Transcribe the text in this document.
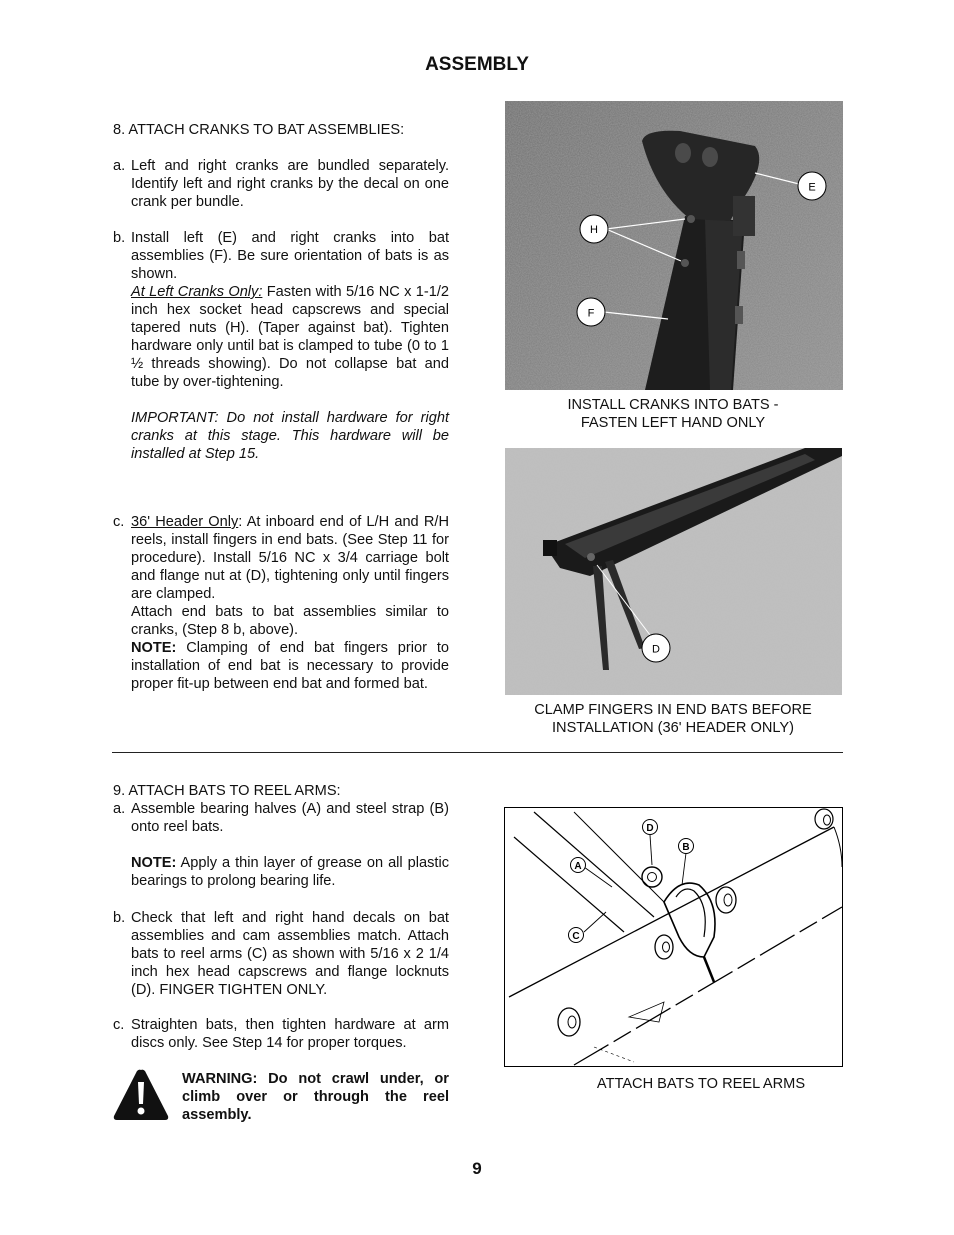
ASSEMBLY
8. ATTACH CRANKS TO BAT ASSEMBLIES:
a. Left and right cranks are bundled separately. Identify left and right cranks by the decal on one crank per bundle.

b. Install left (E) and right cranks into bat assemblies (F). Be sure orientation of bats is as shown.

At Left Cranks Only: Fasten with 5/16 NC x 1-1/2 inch hex socket head capscrews and special tapered nuts (H). (Taper against bat). Tighten hardware only until bat is clamped to tube (0 to 1 ½ threads showing). Do not collapse bat and tube by over-tightening.

IMPORTANT: Do not install hardware for right cranks at this stage. This hardware will be installed at Step 15.

c. 36' Header Only: At inboard end of L/H and R/H reels, install fingers in end bats. (See Step 11 for procedure). Install 5/16 NC x 3/4 carriage bolt and flange nut at (D), tightening only until fingers are clamped.

Attach end bats to bat assemblies similar to cranks, (Step 8 b, above).

NOTE: Clamping of end bat fingers prior to installation of end bat is necessary to provide proper fit-up between end bat and formed bat.

E
H
F
INSTALL CRANKS INTO BATS -
FASTEN LEFT HAND ONLY
D
CLAMP FINGERS IN END BATS BEFORE
INSTALLATION (36' HEADER ONLY)
9. ATTACH BATS TO REEL ARMS:
a. Assemble bearing halves (A) and steel strap (B) onto reel bats.

NOTE: Apply a thin layer of grease on all plastic bearings to prolong bearing life.

b. Check that left and right hand decals on bat assemblies and cam assemblies match. Attach bats to reel arms (C) as shown with 5/16 x 2 1/4 inch hex head capscrews and flange locknuts (D). FINGER TIGHTEN ONLY.

c. Straighten bats, then tighten hardware at arm discs only. See Step 14 for proper torques.

WARNING: Do not crawl under, or climb over or through the reel assembly.
D
B
A
C
ATTACH BATS TO REEL ARMS
9
